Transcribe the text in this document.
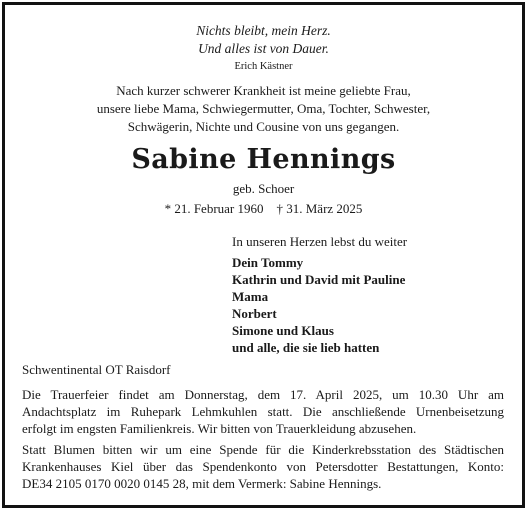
Nichts bleibt, mein Herz.
Und alles ist von Dauer.
Erich Kästner
Nach kurzer schwerer Krankheit ist meine geliebte Frau,
unsere liebe Mama, Schwiegermutter, Oma, Tochter, Schwester,
Schwägerin, Nichte und Cousine von uns gegangen.
Sabine Hennings
geb. Schoer
* 21. Februar 1960    † 31. März 2025
In unseren Herzen lebst du weiter
Dein Tommy
Kathrin und David mit Pauline
Mama
Norbert
Simone und Klaus
und alle, die sie lieb hatten
Schwentinental OT Raisdorf
Die Trauerfeier findet am Donnerstag, dem 17. April 2025, um 10.30 Uhr am
Andachtsplatz im Ruhepark Lehmkuhlen statt. Die anschließende Urnenbeisetzung
erfolgt im engsten Familienkreis. Wir bitten von Trauerkleidung abzusehen.
Statt Blumen bitten wir um eine Spende für die Kinderkrebsstation des Städtischen
Krankenhauses Kiel über das Spendenkonto von Petersdotter Bestattungen, Konto:
DE34 2105 0170 0020 0145 28, mit dem Vermerk: Sabine Hennings.
